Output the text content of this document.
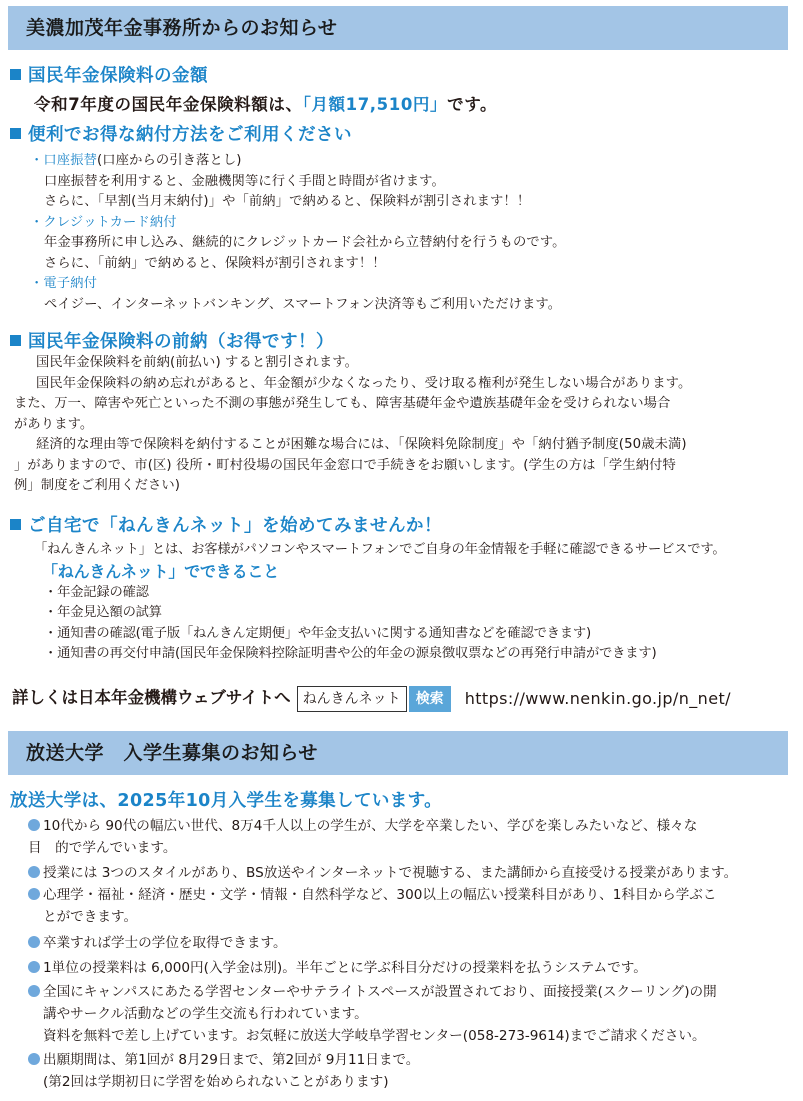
美濃加茂年金事務所からのお知らせ
国民年金保険料の金額
令和7年度の国民年金保険料額は、「月額17,510円」です。
便利でお得な納付方法をご利用ください

・口座振替(口座からの引き落とし)

口座振替を利用すると、金融機関等に行く手間と時間が省けます。

さらに、「早割(当月末納付)」や「前納」で納めると、保険料が割引されます！！

・クレジットカード納付

年金事務所に申し込み、継続的にクレジットカード会社から立替納付を行うものです。

さらに、「前納」で納めると、保険料が割引されます！！

・電子納付

ペイジー、インターネットバンキング、スマートフォン決済等もご利用いただけます。

国民年金保険料の前納（お得です！）

国民年金保険料を前納(前払い) すると割引されます。

国民年金保険料の納め忘れがあると、年金額が少なくなったり、受け取る権利が発生しない場合があります。

また、万一、障害や死亡といった不測の事態が発生しても、障害基礎年金や遺族基礎年金を受けられない場合

があります。

経済的な理由等で保険料を納付することが困難な場合には、「保険料免除制度」や「納付猶予制度(50歳未満)

」がありますので、市(区) 役所・町村役場の国民年金窓口で手続きをお願いします。(学生の方は「学生納付特

例」制度をご利用ください)

ご自宅で「ねんきんネット」を始めてみませんか！

「ねんきんネット」とは、お客様がパソコンやスマートフォンでご自身の年金情報を手軽に確認できるサービスです。

「ねんきんネット」でできること

・年金記録の確認

・年金見込額の試算

・通知書の確認(電子版「ねんきん定期便」や年金支払いに関する通知書などを確認できます)

・通知書の再交付申請(国民年金保険料控除証明書や公的年金の源泉徴収票などの再発行申請ができます)

詳しくは日本年金機構ウェブサイトへ ねんきんネット 検索 https://www.nenkin.go.jp/n_net/
放送大学　入学生募集のお知らせ
放送大学は、2025年10月入学生を募集しています。
10代から 90代の幅広い世代、8万4千人以上の学生が、大学を卒業したい、学びを楽しみたいなど、様々な
目　的で学んでいます。
授業には 3つのスタイルがあり、BS放送やインターネットで視聴する、また講師から直接受ける授業があります。
心理学・福祉・経済・歴史・文学・情報・自然科学など、300以上の幅広い授業科目があり、1科目から学ぶこ
とができます。
卒業すれば学士の学位を取得できます。
1単位の授業料は 6,000円(入学金は別)。半年ごとに学ぶ科目分だけの授業料を払うシステムです。
全国にキャンパスにあたる学習センターやサテライトスペースが設置されており、面接授業(スクーリング)の開
講やサークル活動などの学生交流も行われています。
資料を無料で差し上げています。お気軽に放送大学岐阜学習センター(058-273-9614)までご請求ください。
出願期間は、第1回が 8月29日まで、第2回が 9月11日まで。
(第2回は学期初日に学習を始められないことがあります)
